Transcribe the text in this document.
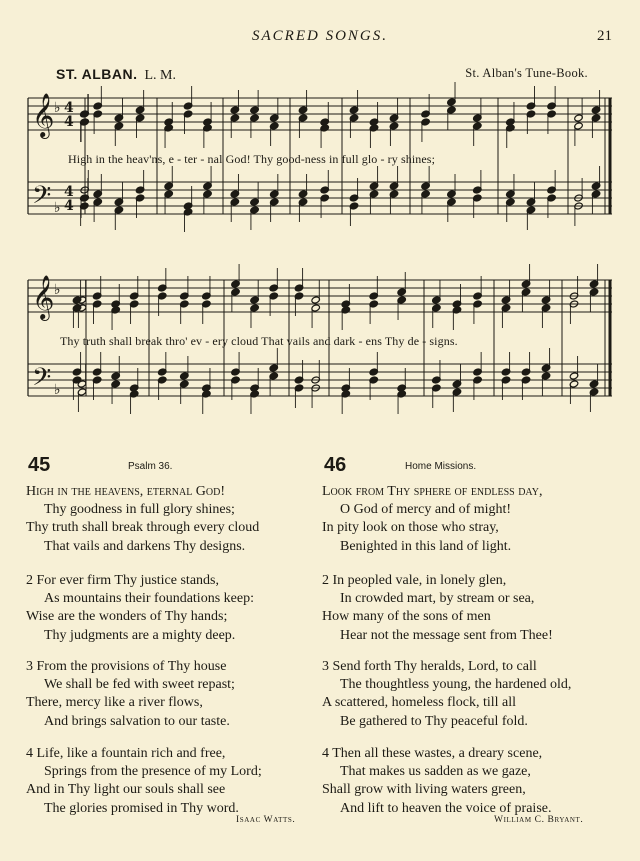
SACRED SONGS.	21
ST. ALBAN. L. M.	St. Alban's Tune-Book.
𝄞
𝄢
♭
♭
4
4
4
4
𝄞
𝄢
♭
♭
High in the heav'ns, e - ter - nal God! Thy good-ness in full glo - ry shines;
Thy truth shall break thro' ev - ery cloud That vails and dark - ens Thy de - signs.
45	Psalm 36.
High in the heavens, eternal God!
Thy goodness in full glory shines;
Thy truth shall break through every cloud
That vails and darkens Thy designs.
2 For ever firm Thy justice stands,
As mountains their foundations keep:
Wise are the wonders of Thy hands;
Thy judgments are a mighty deep.
3 From the provisions of Thy house
We shall be fed with sweet repast;
There, mercy like a river flows,
And brings salvation to our taste.
4 Life, like a fountain rich and free,
Springs from the presence of my Lord;
And in Thy light our souls shall see
The glories promised in Thy word.
Isaac Watts.
46	Home Missions.
Look from Thy sphere of endless day,
O God of mercy and of might!
In pity look on those who stray,
Benighted in this land of light.
2 In peopled vale, in lonely glen,
In crowded mart, by stream or sea,
How many of the sons of men
Hear not the message sent from Thee!
3 Send forth Thy heralds, Lord, to call
The thoughtless young, the hardened old,
A scattered, homeless flock, till all
Be gathered to Thy peaceful fold.
4 Then all these wastes, a dreary scene,
That makes us sadden as we gaze,
Shall grow with living waters green,
And lift to heaven the voice of praise.
William C. Bryant.
